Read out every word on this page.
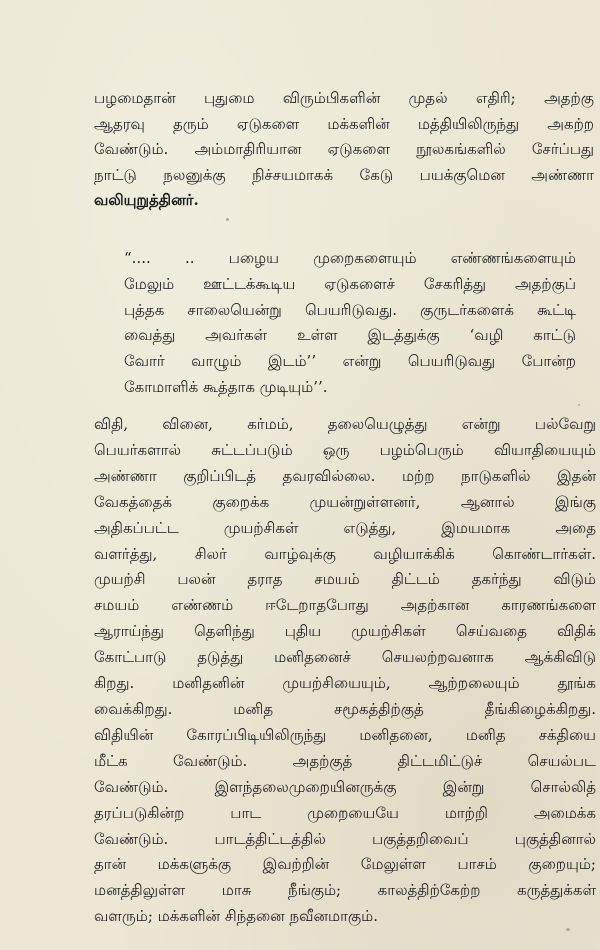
பழமைதான் புதுமை விரும்பிகளின் முதல் எதிரி; அதற்கு
ஆதரவு தரும் ஏடுகளை மக்களின் மத்தியிலிருந்து அகற்ற
வேண்டும். அம்மாதிரியான ஏடுகளை நூலகங்களில் சேர்ப்பது
நாட்டு நலனுக்கு நிச்சயமாகக் கேடு பயக்குமென அண்ணா
வலியுறுத்தினர்.
“.... .. பழைய முறைகளையும் எண்ணங்களையும்
மேலும் ஊட்டக்கூடிய ஏடுகளைச் சேகரித்து அதற்குப்
புத்தக சாலையென்று பெயரிடுவது. குருடர்களைக் கூட்டி
வைத்து அவர்கள் உள்ள இடத்துக்கு ‘வழி காட்டு
வோர் வாழும் இடம்’’ என்று பெயரிடுவது போன்ற
கோமாளிக் கூத்தாக முடியும்’’.
விதி, வினை, கர்மம், தலையெழுத்து என்று பல்வேறு
பெயர்களால் சுட்டப்படும் ஒரு பழம்பெரும் வியாதியையும்
அண்ணா குறிப்பிடத் தவரவில்லை. மற்ற நாடுகளில் இதன்
வேகத்தைக் குறைக்க முயன்றுள்ளனர், ஆனால் இங்கு
அதிகப்பட்ட முயற்சிகள் எடுத்து, இமயமாக அதை
வளர்த்து, சிலர் வாழ்வுக்கு வழியாக்கிக் கொண்டார்கள்.
முயற்சி பலன் தராத சமயம் திட்டம் தகர்ந்து விடும்
சமயம் எண்ணம் ஈடேறாதபோது அதற்கான காரணங்களை
ஆராய்ந்து தெளிந்து புதிய முயற்சிகள் செய்வதை விதிக்
கோட்பாடு தடுத்து மனிதனைச் செயலற்றவனாக ஆக்கிவிடு
கிறது. மனிதனின் முயற்சியையும், ஆற்றலையும் தூங்க
வைக்கிறது. மனித சமூகத்திற்குத் தீங்கிழைக்கிறது.
விதியின் கோரப்பிடியிலிருந்து மனிதனை, மனித சக்தியை
மீட்க வேண்டும். அதற்குத் திட்டமிட்டுச் செயல்பட
வேண்டும். இளந்தலைமுறையினருக்கு இன்று சொல்லித்
தரப்படுகின்ற பாட முறையையே மாற்றி அமைக்க
வேண்டும். பாடத்திட்டத்தில் பகுத்தறிவைப் புகுத்தினால்
தான் மக்களுக்கு இவற்றின் மேலுள்ள பாசம் குறையும்;
மனத்திலுள்ள மாசு நீங்கும்; காலத்திற்கேற்ற கருத்துக்கள்
வளரும்; மக்களின் சிந்தனை நவீனமாகும்.
